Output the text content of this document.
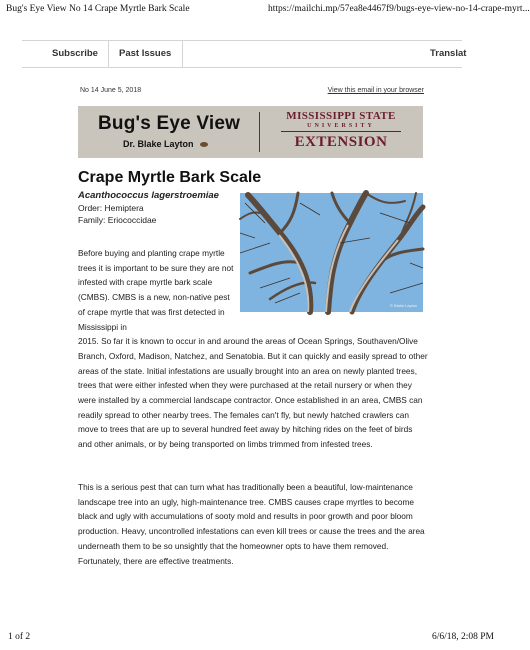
Bug's Eye View No 14 Crape Myrtle Bark Scale	https://mailchi.mp/57ea8e4467f9/bugs-eye-view-no-14-crape-myrt...
Subscribe Past Issues	Translat
No 14 June 5, 2018	View this email in your browser
Bug's Eye View
Dr. Blake Layton
MISSISSIPPI STATE
UNIVERSITY
EXTENSION
Crape Myrtle Bark Scale
Acanthococcus lagerstroemiae
Order: Hemiptera
Family: Eriococcidae
© Blake Layton
Before buying and planting crape myrtle trees it is important to be sure they are not infested with crape myrtle bark scale (CMBS). CMBS is a new, non-native pest of crape myrtle that was first detected in Mississippi in
2015. So far it is known to occur in and around the areas of Ocean Springs, Southaven/Olive Branch, Oxford, Madison, Natchez, and Senatobia. But it can quickly and easily spread to other areas of the state. Initial infestations are usually brought into an area on newly planted trees, trees that were either infested when they were purchased at the retail nursery or when they were installed by a commercial landscape contractor. Once established in an area, CMBS can readily spread to other nearby trees. The females can't fly, but newly hatched crawlers can move to trees that are up to several hundred feet away by hitching rides on the feet of birds and other animals, or by being transported on limbs trimmed from infested trees.
This is a serious pest that can turn what has traditionally been a beautiful, low-maintenance landscape tree into an ugly, high-maintenance tree. CMBS causes crape myrtles to become black and ugly with accumulations of sooty mold and results in poor growth and poor bloom production. Heavy, uncontrolled infestations can even kill trees or cause the trees and the area underneath them to be so unsightly that the homeowner opts to have them removed. Fortunately, there are effective treatments.
1 of 2	6/6/18, 2:08 PM
